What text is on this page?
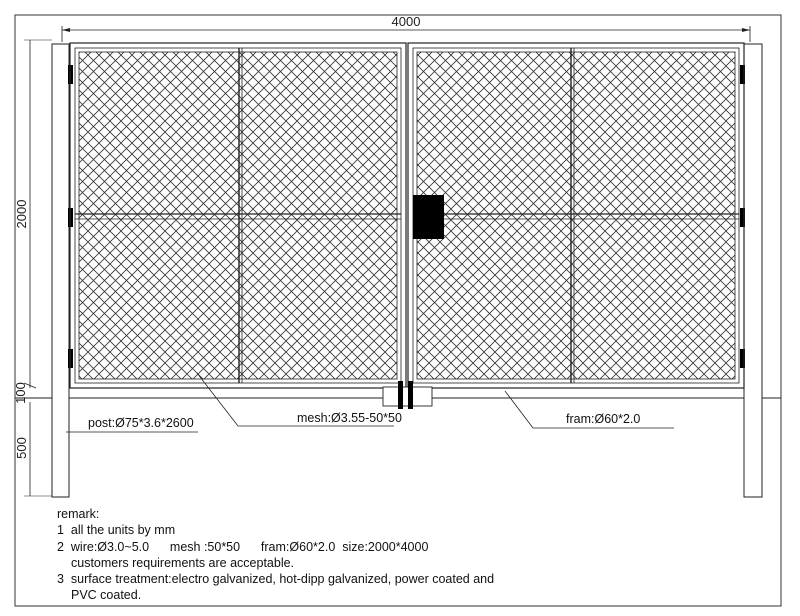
4000
2000
100
500
post:Ø75*3.6*2600	mesh:Ø3.55-50*50	fram:Ø60*2.0
remark:
1  all the units by mm
2  wire:Ø3.0~5.0      mesh :50*50      fram:Ø60*2.0  size:2000*4000
customers requirements are acceptable.
3  surface treatment:electro galvanized, hot-dipp galvanized, power coated and
PVC coated.
